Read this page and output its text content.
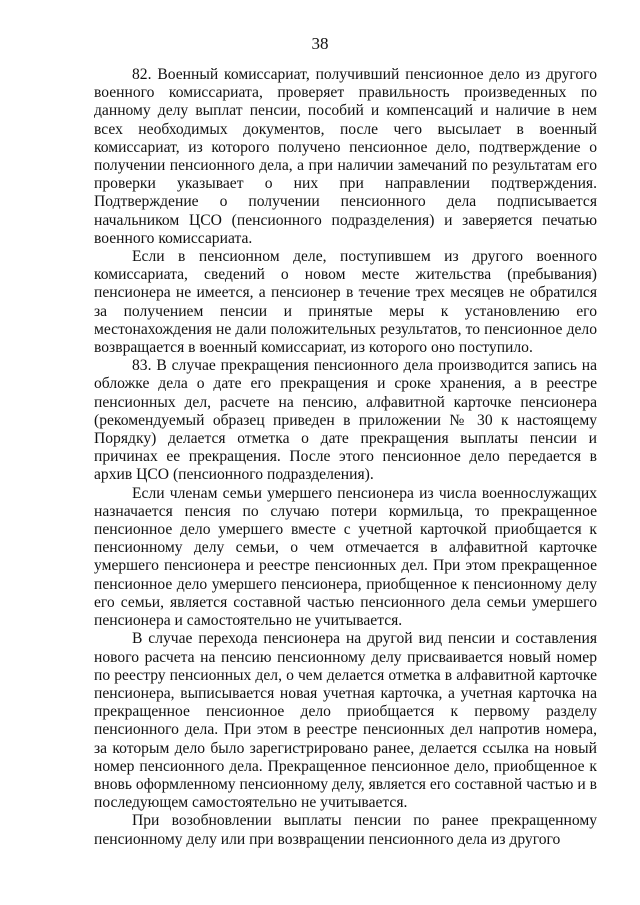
38

82. Военный комиссариат, получивший пенсионное дело из другого военного комиссариата, проверяет правильность произведенных по данному делу выплат пенсии, пособий и компенсаций и наличие в нем всех необходимых документов, после чего высылает в военный комиссариат, из которого получено пенсионное дело, подтверждение о получении пенсионного дела, а при наличии замечаний по результатам его проверки указывает о них при направлении подтверждения. Подтверждение о получении пенсионного дела подписывается начальником ЦСО (пенсионного подразделения) и заверяется печатью военного комиссариата.

Если в пенсионном деле, поступившем из другого военного комиссариата, сведений о новом месте жительства (пребывания) пенсионера не имеется, а пенсионер в течение трех месяцев не обратился за получением пенсии и принятые меры к установлению его местонахождения не дали положительных результатов, то пенсионное дело возвращается в военный комиссариат, из которого оно поступило.

83. В случае прекращения пенсионного дела производится запись на обложке дела о дате его прекращения и сроке хранения, а в реестре пенсионных дел, расчете на пенсию, алфавитной карточке пенсионера (рекомендуемый образец приведен в приложении № 30 к настоящему Порядку) делается отметка о дате прекращения выплаты пенсии и причинах ее прекращения. После этого пенсионное дело передается в архив ЦСО (пенсионного подразделения).

Если членам семьи умершего пенсионера из числа военнослужащих назначается пенсия по случаю потери кормильца, то прекращенное пенсионное дело умершего вместе с учетной карточкой приобщается к пенсионному делу семьи, о чем отмечается в алфавитной карточке умершего пенсионера и реестре пенсионных дел. При этом прекращенное пенсионное дело умершего пенсионера, приобщенное к пенсионному делу его семьи, является составной частью пенсионного дела семьи умершего пенсионера и самостоятельно не учитывается.

В случае перехода пенсионера на другой вид пенсии и составления нового расчета на пенсию пенсионному делу присваивается новый номер по реестру пенсионных дел, о чем делается отметка в алфавитной карточке пенсионера, выписывается новая учетная карточка, а учетная карточка на прекращенное пенсионное дело приобщается к первому разделу пенсионного дела. При этом в реестре пенсионных дел напротив номера, за которым дело было зарегистрировано ранее, делается ссылка на новый номер пенсионного дела. Прекращенное пенсионное дело, приобщенное к вновь оформленному пенсионному делу, является его составной частью и в последующем самостоятельно не учитывается.

При возобновлении выплаты пенсии по ранее прекращенному пенсионному делу или при возвращении пенсионного дела из другого
